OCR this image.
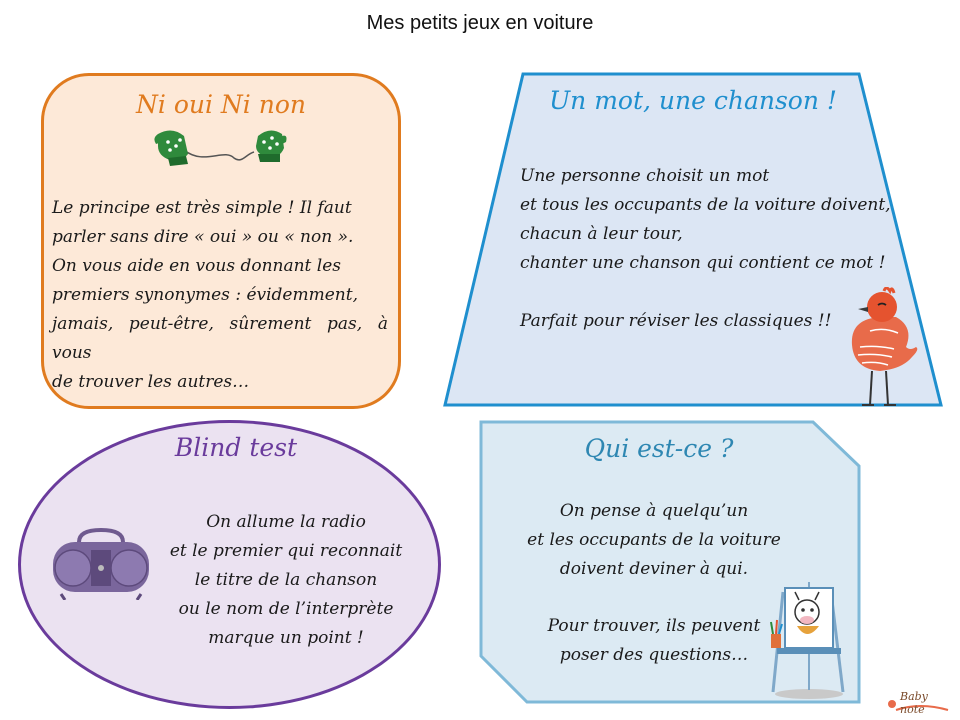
Mes petits jeux en voiture
Ni oui Ni non
Le principe est très simple ! Il faut
parler sans dire « oui » ou « non ».
On vous aide en vous donnant les
premiers synonymes : évidemment,
jamais, peut-être, sûrement pas, à vous
de trouver les autres…
Un mot, une chanson !
Une personne choisit un mot
et tous les occupants de la voiture doivent,
chacun à leur tour,
chanter une chanson qui contient ce mot !
Parfait pour réviser les classiques !!
Blind test
On allume la radio
et le premier qui reconnait
le titre de la chanson
ou le nom de l’interprète
marque un point !
Qui est-ce ?
On pense à quelqu’un
et les occupants de la voiture
doivent deviner à qui.
Pour trouver, ils peuvent
poser des questions…
Baby note
